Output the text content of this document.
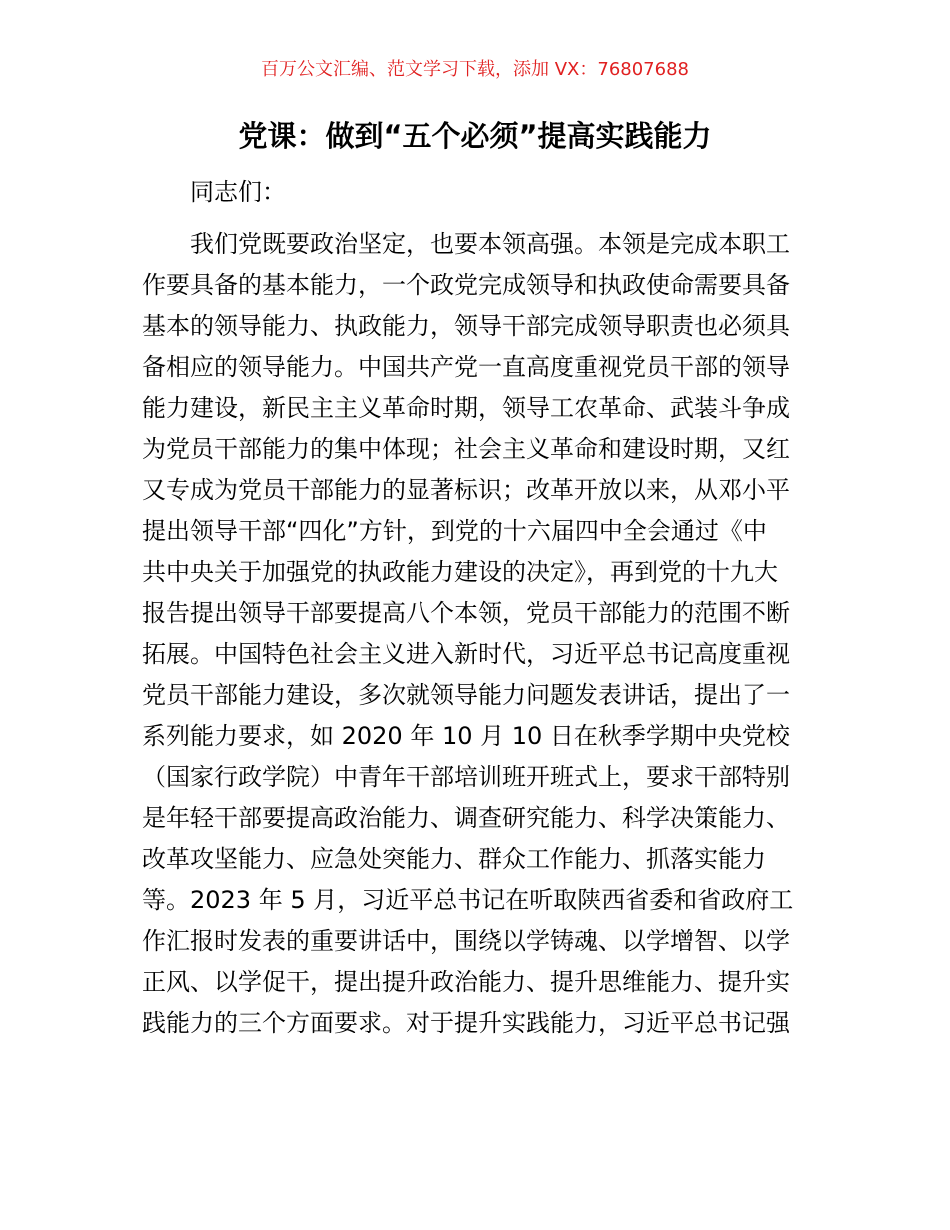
百万公文汇编、范文学习下载，添加 VX：76807688
党课：做到“五个必须”提高实践能力
同志们：
我们党既要政治坚定，也要本领高强。本领是完成本职工
作要具备的基本能力，一个政党完成领导和执政使命需要具备
基本的领导能力、执政能力，领导干部完成领导职责也必须具
备相应的领导能力。中国共产党一直高度重视党员干部的领导
能力建设，新民主主义革命时期，领导工农革命、武装斗争成
为党员干部能力的集中体现；社会主义革命和建设时期，又红
又专成为党员干部能力的显著标识；改革开放以来，从邓小平
提出领导干部“四化”方针，到党的十六届四中全会通过《中
共中央关于加强党的执政能力建设的决定》，再到党的十九大
报告提出领导干部要提高八个本领，党员干部能力的范围不断
拓展。中国特色社会主义进入新时代，习近平总书记高度重视
党员干部能力建设，多次就领导能力问题发表讲话，提出了一
系列能力要求，如 2020 年 10 月 10 日在秋季学期中央党校
（国家行政学院）中青年干部培训班开班式上，要求干部特别
是年轻干部要提高政治能力、调查研究能力、科学决策能力、
改革攻坚能力、应急处突能力、群众工作能力、抓落实能力
等。2023 年 5 月，习近平总书记在听取陕西省委和省政府工
作汇报时发表的重要讲话中，围绕以学铸魂、以学增智、以学
正风、以学促干，提出提升政治能力、提升思维能力、提升实
践能力的三个方面要求。对于提升实践能力，习近平总书记强
